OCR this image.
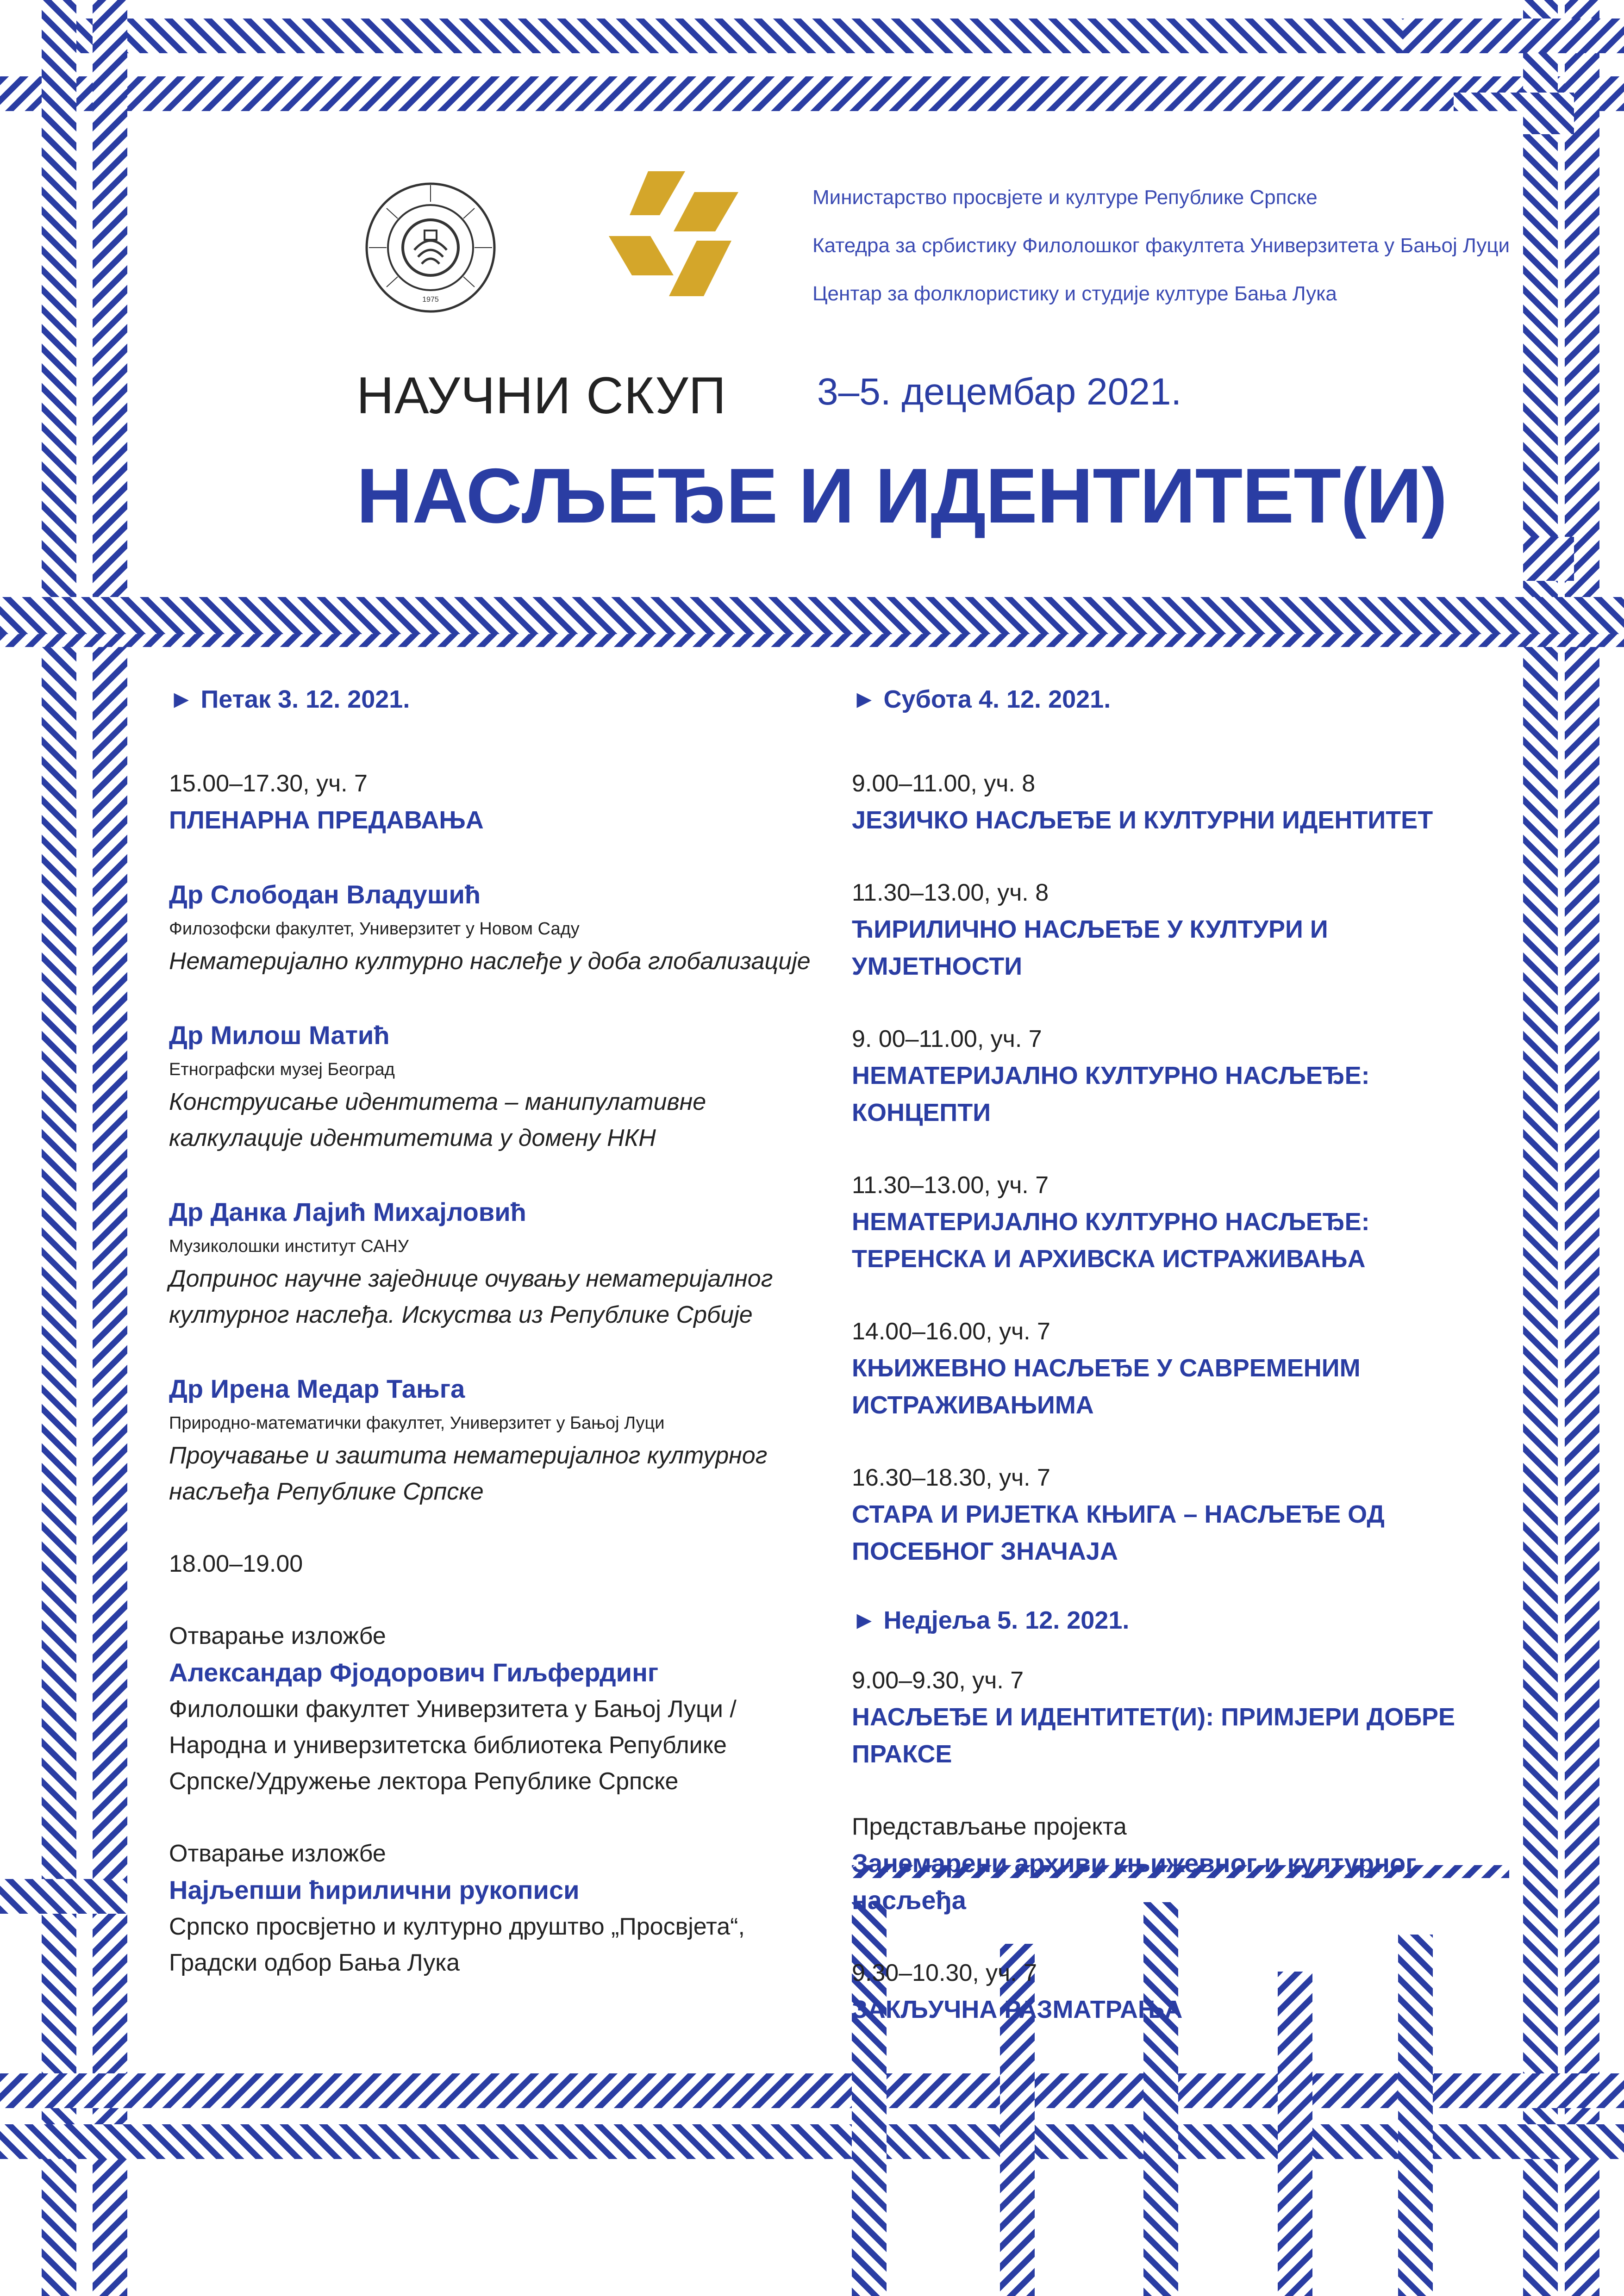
1975
Министарство просвјете и културе Републике Српске
Катедра за србистику Филолошког факултета Универзитета у Бањој Луци
Центар за фолклористику и студије културе Бања Лука
НАУЧНИ СКУП 3–5. децембар 2021.
НАСЉЕЂЕ И ИДЕНТИТЕТ(И)
► Петак 3. 12. 2021.
15.00–17.30, уч. 7
ПЛЕНАРНА ПРЕДАВАЊА
Др Слободан Владушић
Филозофски факултет, Универзитет у Новом Саду
Нематеријално културно наслеђе у доба глобализације
Др Милош Матић
Етнографски музеј Београд
Конструисање идентитета – манипулативне калкулације идентитетима у домену НКН
Др Данка Лајић Михајловић
Музиколошки институт САНУ
Допринос научне заједнице очувању нематеријалног културног наслеђа. Искуства из Републике Србије
Др Ирена Медар Тањга
Природно-математички факултет, Универзитет у Бањој Луци
Проучавање и заштита нематеријалног културног насљеђа Републике Српске
18.00–19.00
Отварање изложбе
Александар Фјодорович Гиљфердинг
Филолошки факултет Универзитета у Бањој Луци / Народна и универзитетска библиотека Републике Српске/Удружење лектора Републике Српске
Отварање изложбе
Најљепши ћирилични рукописи
Српско просвјетно и културно друштво „Просвјета“, Градски одбор Бања Лука
► Субота 4. 12. 2021.
9.00–11.00, уч. 8
ЈЕЗИЧКО НАСЉЕЂЕ И КУЛТУРНИ ИДЕНТИТЕТ
11.30–13.00, уч. 8
ЋИРИЛИЧНО НАСЉЕЂЕ У КУЛТУРИ И УМЈЕТНОСТИ
9. 00–11.00, уч. 7
НЕМАТЕРИЈАЛНО КУЛТУРНО НАСЉЕЂЕ: КОНЦЕПТИ
11.30–13.00, уч. 7
НЕМАТЕРИЈАЛНО КУЛТУРНО НАСЉЕЂЕ: ТЕРЕНСКА И АРХИВСКА ИСТРАЖИВАЊА
14.00–16.00, уч. 7
КЊИЖЕВНО НАСЉЕЂЕ У САВРЕМЕНИМ ИСТРАЖИВАЊИМА
16.30–18.30, уч. 7
СТАРА И РИЈЕТКА КЊИГА – НАСЉЕЂЕ ОД ПОСЕБНОГ ЗНАЧАЈА
► Недјеља 5. 12. 2021.
9.00–9.30, уч. 7
НАСЉЕЂЕ И ИДЕНТИТЕТ(И): ПРИМЈЕРИ ДОБРЕ ПРАКСЕ
Представљање пројекта
Занемарени архиви књижевног и културног насљеђа
9.30–10.30, уч. 7
ЗАКЉУЧНА РАЗМАТРАЊА
